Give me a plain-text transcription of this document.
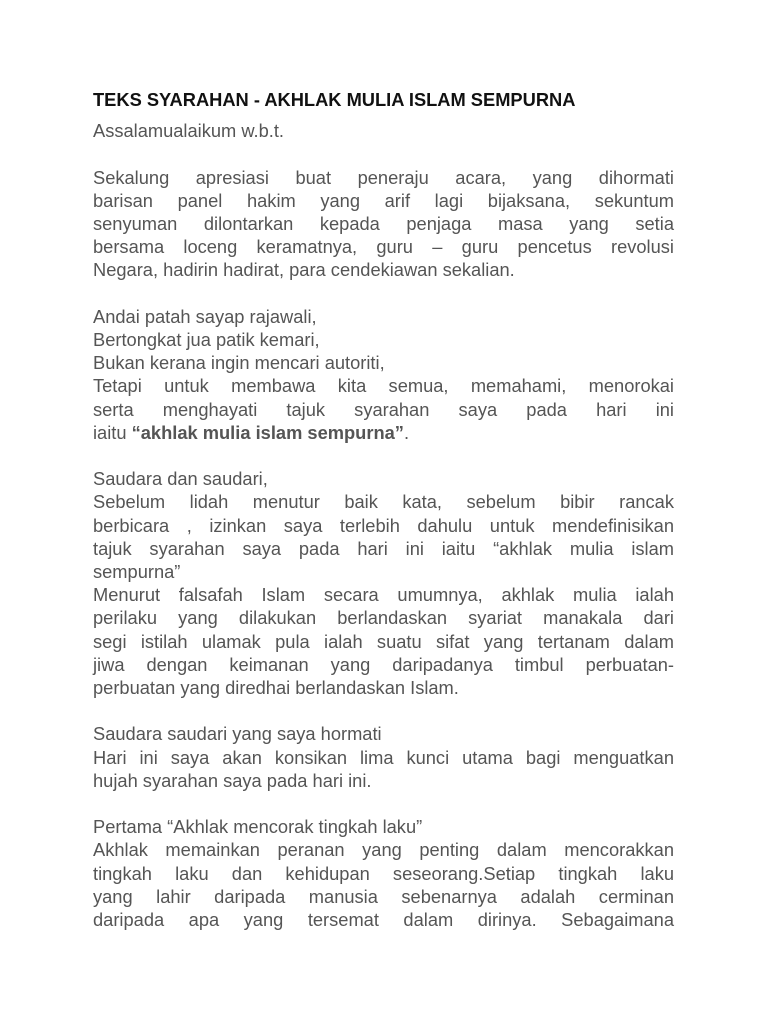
TEKS SYARAHAN - AKHLAK MULIA ISLAM SEMPURNA
Assalamualaikum w.b.t.
Sekalung apresiasi buat peneraju acara, yang dihormati
barisan panel hakim yang arif lagi bijaksana, sekuntum
senyuman dilontarkan kepada penjaga masa yang setia
bersama loceng keramatnya, guru – guru pencetus revolusi
Negara, hadirin hadirat, para cendekiawan sekalian.
Andai patah sayap rajawali,
Bertongkat jua patik kemari,
Bukan kerana ingin mencari autoriti,
Tetapi untuk membawa kita semua, memahami, menorokai
serta menghayati tajuk syarahan saya pada hari ini
iaitu “akhlak mulia islam sempurna”.
Saudara dan saudari,
Sebelum lidah menutur baik kata, sebelum bibir rancak
berbicara , izinkan saya terlebih dahulu untuk mendefinisikan
tajuk syarahan saya pada hari ini iaitu “akhlak mulia islam
sempurna”
Menurut falsafah Islam secara umumnya, akhlak mulia ialah
perilaku yang dilakukan berlandaskan syariat manakala dari
segi istilah ulamak pula ialah suatu sifat yang tertanam dalam
jiwa dengan keimanan yang daripadanya timbul perbuatan-
perbuatan yang diredhai berlandaskan Islam.
Saudara saudari yang saya hormati
Hari ini saya akan konsikan lima kunci utama bagi menguatkan
hujah syarahan saya pada hari ini.
Pertama “Akhlak mencorak tingkah laku”
Akhlak memainkan peranan yang penting dalam mencorakkan
tingkah laku dan kehidupan seseorang.Setiap tingkah laku
yang lahir daripada manusia sebenarnya adalah cerminan
daripada apa yang tersemat dalam dirinya. Sebagaimana
